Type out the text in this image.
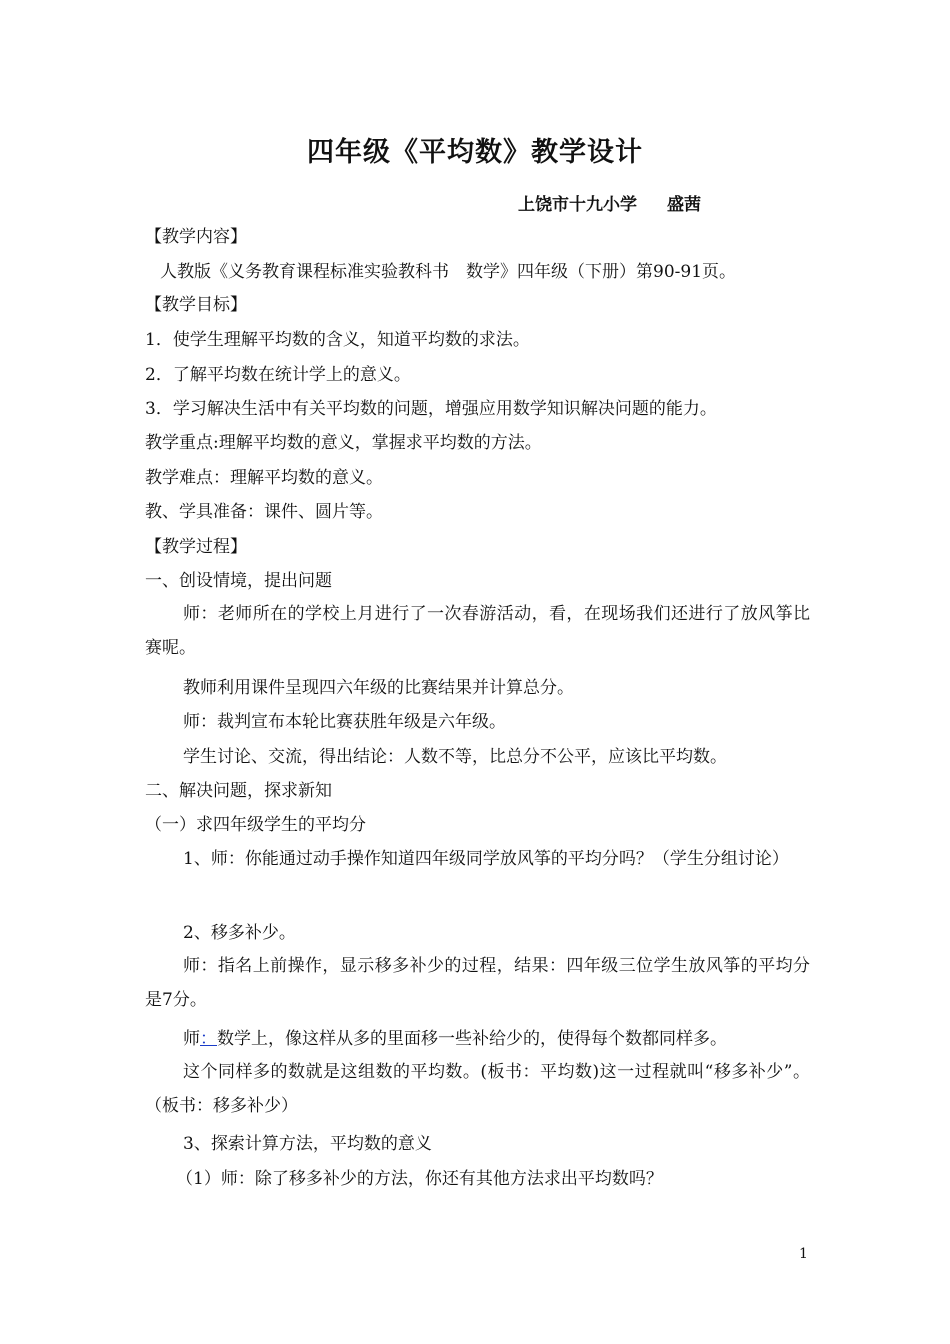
四年级《平均数》教学设计
上饶市十九小学 盛茜
【教学内容】
人教版《义务教育课程标准实验教科书　数学》四年级（下册）第90-91页。
【教学目标】
1．使学生理解平均数的含义，知道平均数的求法。
2．了解平均数在统计学上的意义。
3．学习解决生活中有关平均数的问题，增强应用数学知识解决问题的能力。
教学重点:理解平均数的意义，掌握求平均数的方法。
教学难点：理解平均数的意义。
教、学具准备：课件、圆片等。
【教学过程】
一、创设情境，提出问题
师：老师所在的学校上月进行了一次春游活动，看，在现场我们还进行了放风筝比赛呢。
教师利用课件呈现四六年级的比赛结果并计算总分。
师：裁判宣布本轮比赛获胜年级是六年级。
学生讨论、交流，得出结论：人数不等，比总分不公平，应该比平均数。
二、解决问题，探求新知
（一）求四年级学生的平均分
1、师：你能通过动手操作知道四年级同学放风筝的平均分吗？（学生分组讨论）
2、移多补少。
师：指名上前操作，显示移多补少的过程，结果：四年级三位学生放风筝的平均分是7分。
师：数学上，像这样从多的里面移一些补给少的，使得每个数都同样多。
这个同样多的数就是这组数的平均数。(板书：平均数)这一过程就叫“移多补少”。（板书：移多补少）
3、探索计算方法，平均数的意义
（1）师：除了移多补少的方法，你还有其他方法求出平均数吗？
1
